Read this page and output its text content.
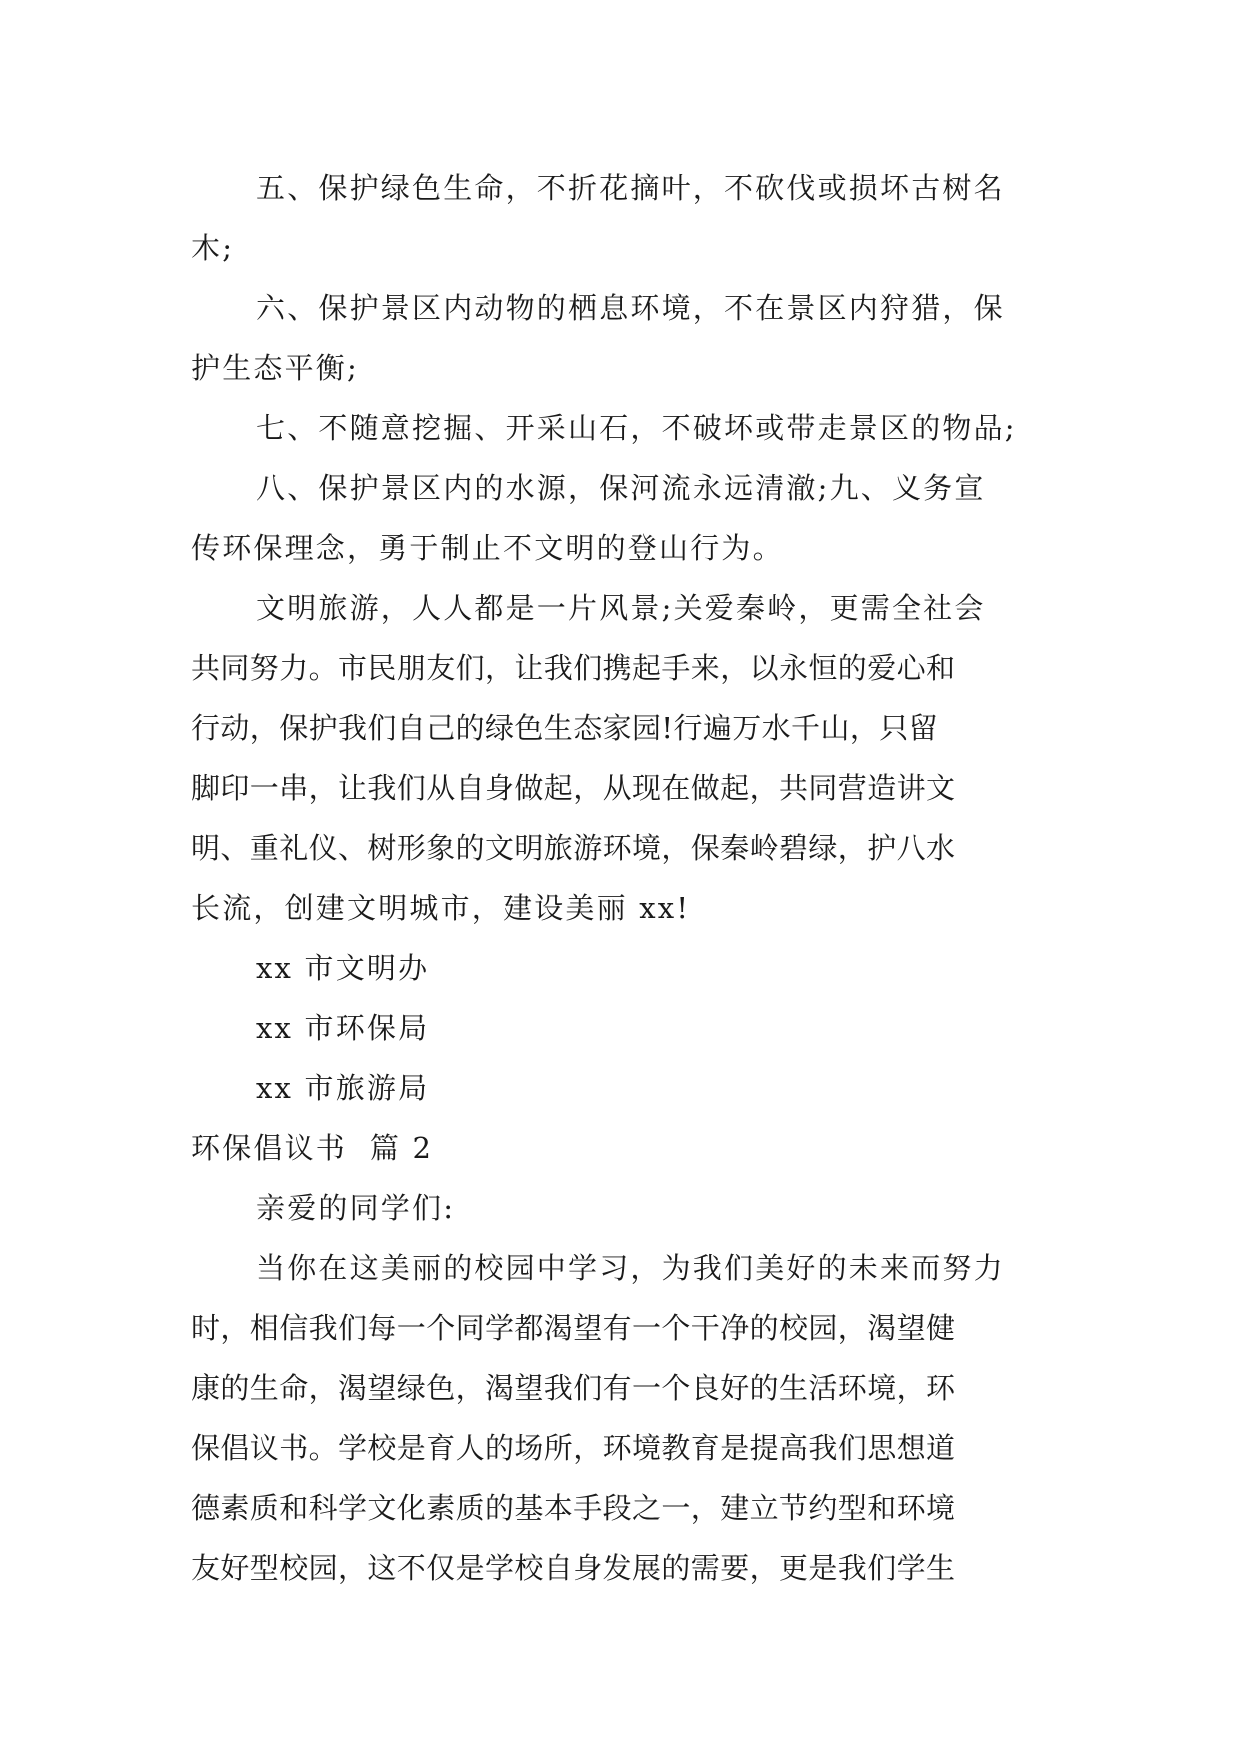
五、保护绿色生命，不折花摘叶，不砍伐或损坏古树名
木;
六、保护景区内动物的栖息环境，不在景区内狩猎，保
护生态平衡;
七、不随意挖掘、开采山石，不破坏或带走景区的物品;
八、保护景区内的水源，保河流永远清澈;九、义务宣
传环保理念，勇于制止不文明的登山行为。
文明旅游，人人都是一片风景;关爱秦岭，更需全社会
共同努力。市民朋友们，让我们携起手来，以永恒的爱心和
行动，保护我们自己的绿色生态家园!行遍万水千山，只留
脚印一串，让我们从自身做起，从现在做起，共同营造讲文
明、重礼仪、树形象的文明旅游环境，保秦岭碧绿，护八水
长流，创建文明城市，建设美丽 xx!
xx 市文明办
xx 市环保局
xx 市旅游局
环保倡议书  篇 2
亲爱的同学们:
当你在这美丽的校园中学习，为我们美好的未来而努力
时，相信我们每一个同学都渴望有一个干净的校园，渴望健
康的生命，渴望绿色，渴望我们有一个良好的生活环境，环
保倡议书。学校是育人的场所，环境教育是提高我们思想道
德素质和科学文化素质的基本手段之一，建立节约型和环境
友好型校园，这不仅是学校自身发展的需要，更是我们学生
